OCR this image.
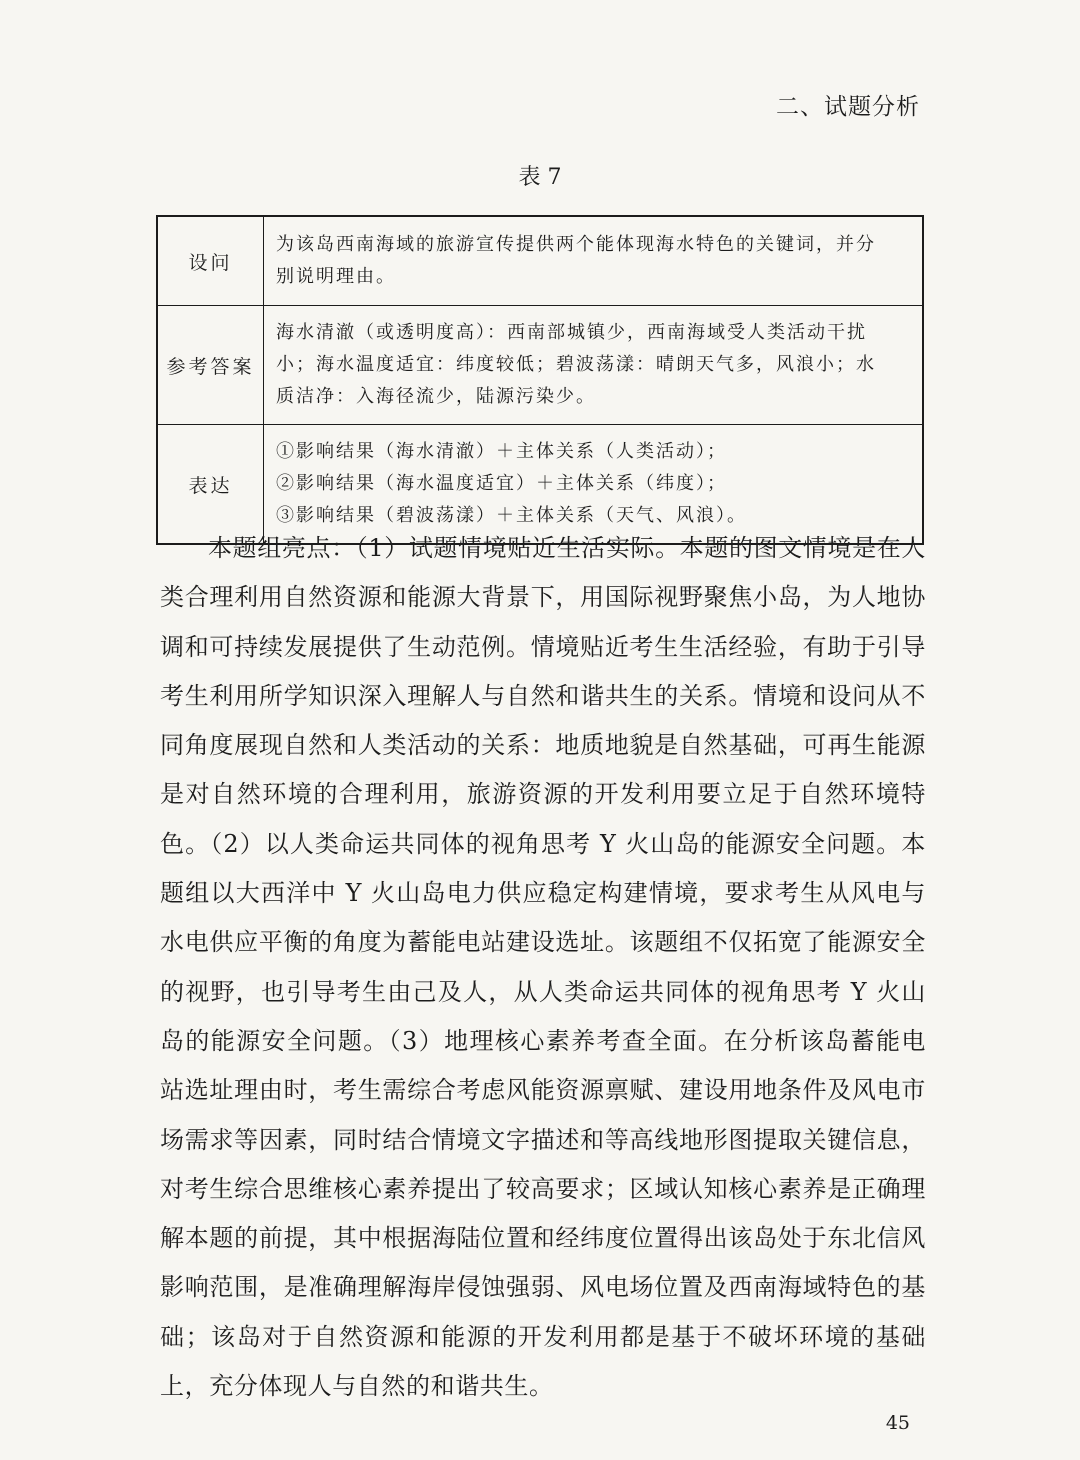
二、试题分析
表 7
设问	为该岛西南海域的旅游宣传提供两个能体现海水特色的关键词，并分
别说明理由。

参考答案	海水清澈（或透明度高）：西南部城镇少，西南海域受人类活动干扰
小；海水温度适宜：纬度较低；碧波荡漾：晴朗天气多，风浪小；水
质洁净：入海径流少，陆源污染少。

表达	①影响结果（海水清澈）＋主体关系（人类活动）；
②影响结果（海水温度适宜）＋主体关系（纬度）；
③影响结果（碧波荡漾）＋主体关系（天气、风浪）。

本题组亮点：（1）试题情境贴近生活实际。本题的图文情境是在人类合理利用自然资源和能源大背景下，用国际视野聚焦小岛，为人地协调和可持续发展提供了生动范例。情境贴近考生生活经验，有助于引导考生利用所学知识深入理解人与自然和谐共生的关系。情境和设问从不同角度展现自然和人类活动的关系：地质地貌是自然基础，可再生能源是对自然环境的合理利用，旅游资源的开发利用要立足于自然环境特色。（2）以人类命运共同体的视角思考 Y 火山岛的能源安全问题。本题组以大西洋中 Y 火山岛电力供应稳定构建情境，要求考生从风电与水电供应平衡的角度为蓄能电站建设选址。该题组不仅拓宽了能源安全的视野，也引导考生由己及人，从人类命运共同体的视角思考 Y 火山岛的能源安全问题。（3）地理核心素养考查全面。在分析该岛蓄能电站选址理由时，考生需综合考虑风能资源禀赋、建设用地条件及风电市场需求等因素，同时结合情境文字描述和等高线地形图提取关键信息，对考生综合思维核心素养提出了较高要求；区域认知核心素养是正确理解本题的前提，其中根据海陆位置和经纬度位置得出该岛处于东北信风影响范围，是准确理解海岸侵蚀强弱、风电场位置及西南海域特色的基础；该岛对于自然资源和能源的开发利用都是基于不破坏环境的基础上，充分体现人与自然的和谐共生。

45
